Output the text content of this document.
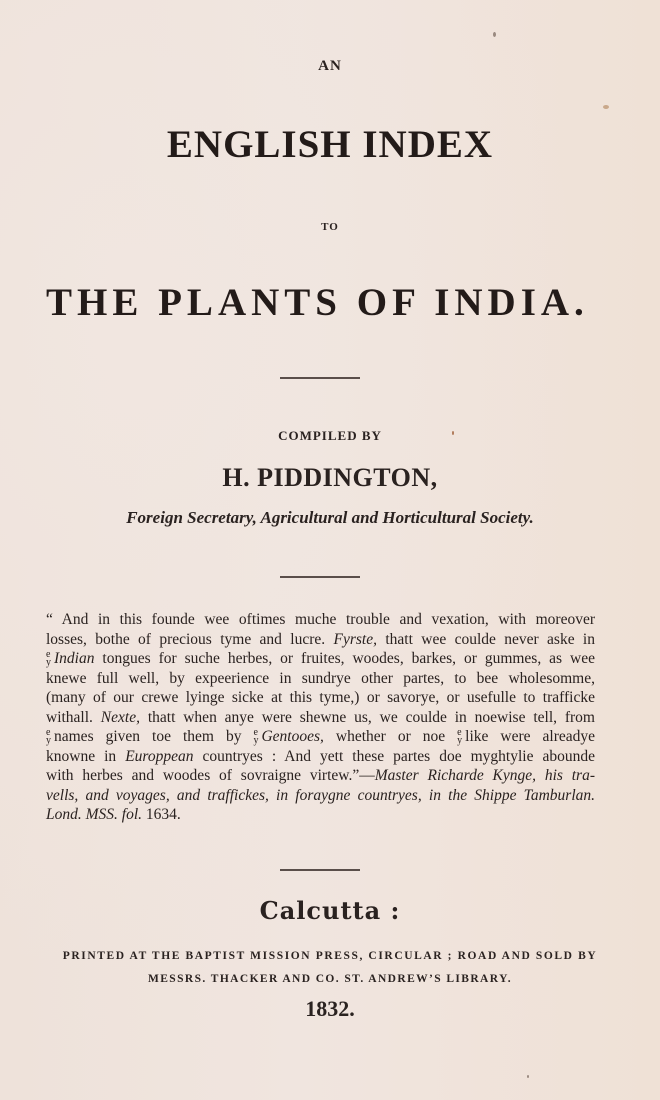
AN
ENGLISH INDEX
TO
THE PLANTS OF INDIA.
COMPILED BY
H. PIDDINGTON,
Foreign Secretary, Agricultural and Horticultural Society.
“ And in this founde wee oftimes muche trouble and vexation, with moreover
losses, bothe of precious tyme and lucre. Fyrste, thatt wee coulde never aske in
e
y Indian tongues for suche herbes, or fruites, woodes, barkes, or gummes, as wee
knewe full well, by expeerience in sundrye other partes, to bee wholesomme,
(many of our crewe lyinge sicke at this tyme,) or savorye, or usefulle to trafficke
withall. Nexte, thatt when anye were shewne us, we coulde in noewise tell, from
e
y names given toe them by e
y Gentooes, whether or noe e
y like were alreadye
knowne in Europpean countryes : And yett these partes doe myghtylie abounde
with herbes and woodes of sovraigne virtew.”—Master Richarde Kynge, his tra-
vells, and voyages, and traffickes, in foraygne countryes, in the Shippe Tamburlan.
Lond. MSS. fol. 1634.
Calcutta :
PRINTED AT THE BAPTIST MISSION PRESS, CIRCULAR ; ROAD AND SOLD BY
MESSRS. THACKER AND CO. ST. ANDREW’S LIBRARY.
1832.
